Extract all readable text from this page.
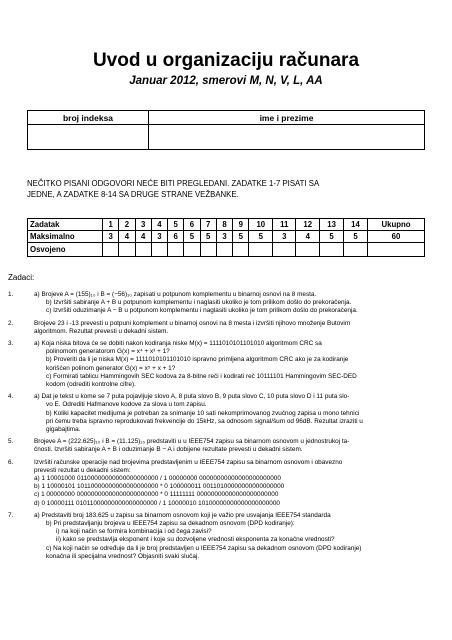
Uvod u organizaciju računara
Januar 2012, smerovi M, N, V, L, AA
broj indeksa	ime i prezime

NEČITKO PISANI ODGOVORI NEĆE BITI PREGLEDANI. ZADATKE 1-7 PISATI SA
JEDNE, A ZADATKE 8-14 SA DRUGE STRANE VEŽBANKE.
Zadatak	1	2	3	4	5	6	7	8	9	10	11	12	13	14	Ukupno
Maksimalno	3	4	4	3	6	5	5	3	5	5	3	4	5	5	60
Osvojeno															
Zadaci:
1.	a) Brojeve A = (155)₁₀ i B = (−56)₁₀ zapisati u potpunom komplementu u binarnoj osnovi na 8 mesta.
b) Izvršiti sabiranje A + B u potpunom komplementu i naglasiti ukoliko je tom prilikom došlo do prekoračenja.
c) Izvršiti oduzimanje A − B u potpunom komplementu i naglasiti ukoliko je tom prilikom došlo do prekoračenja.
2.	Brojeve 23 i -13 prevesti u potpuni komplement u binarnoj osnovi na 8 mesta i izvršiti njihovo množenje Butovim
algoritmom. Rezultat prevesti u dekadni sistem.
3.	a) Koja niska bitova će se dobiti nakon kodiranja niske M(x) = 1111010101101010 algoritmom CRC sa
polinomom generatorom G(x) = x⁴ + x³ + 1?
b) Proveriti da li je niska M(x) = 1111010101101010 ispravno primljena algoritmom CRC ako je za kodiranje
korišćen polinom generator G(x) = x⁵ + x + 1?
c) Formirati tablicu Hammingovih SEC kodova za 8-bitne reči i kodirati reč 10111101 Hammingovim SEC-DED
kodom (odrediti kontrolne cifre).
4.	a) Dat je tekst u kome se 7 puta pojavljuje slovo A, 8 puta slovo B, 9 puta slovo C, 10 puta slovo D i 11 puta slo-
vo E. Odrediti Hafmanove kodove za slova u tom zapisu.
b) Koliki kapacitet medijuma je potreban za snimanje 10 sati nekomprimovanog zvučnog zapisa u mono tehnici
pri čemu treba ispravno reprodukovati frekvencije do 15kHz, sa odnosom signal/šum od 96dB. Rezultat izraziti u
gigabajtima.
5.	Brojeve A = (222.625)₁₀ i B = (11.125)₁₀ predstaviti u u IEEE754 zapisu sa binarnom osnovom u jednostrukoj ta-
čnosti. Izvršiti sabiranje A + B i oduzimanje B − A i dobijene rezultate prevesti u dekadni sistem.
6.	Izvršiti računske operacije nad brojevima predstavljenim u IEEE754 zapisu sa binarnom osnovom i obavezno
prevesti rezultat u dekadni sistem:
a) 1 10001000 01100000000000000000000 / 1 00000000 00000000000000000000000
b) 1 10000101 10110000000000000000000 * 0 100000011 00110100000000000000000
c) 1 00000000 00000000000000000000000 * 0 11111111 00000000000000000000000
d) 0 10000111 01011000000000000000000 / 1 10000010 10100000000000000000000
7.	a) Predstaviti broj 183.625 u zapisu sa binarnom osnovom koji je važio pre usvajanja IEEE754 standarda
b) Pri predstavljanju brojeva u IEEE754 zapisu sa dekadnom osnovom (DPD kodiranje):
i) na koji način se formira kombinacija i od čega zavisi?
ii) kako se predstavlja eksponent i koje su dozvoljene vrednosti eksponenta za konačne vrednosti?
c) Na koji način se određuje da li je broj predstavljen u IEEE754 zapisu sa dekadnom osnovom (DPD kodiranje)
konačna ili specijalna vrednost? Objasniti svaki slučaj.
